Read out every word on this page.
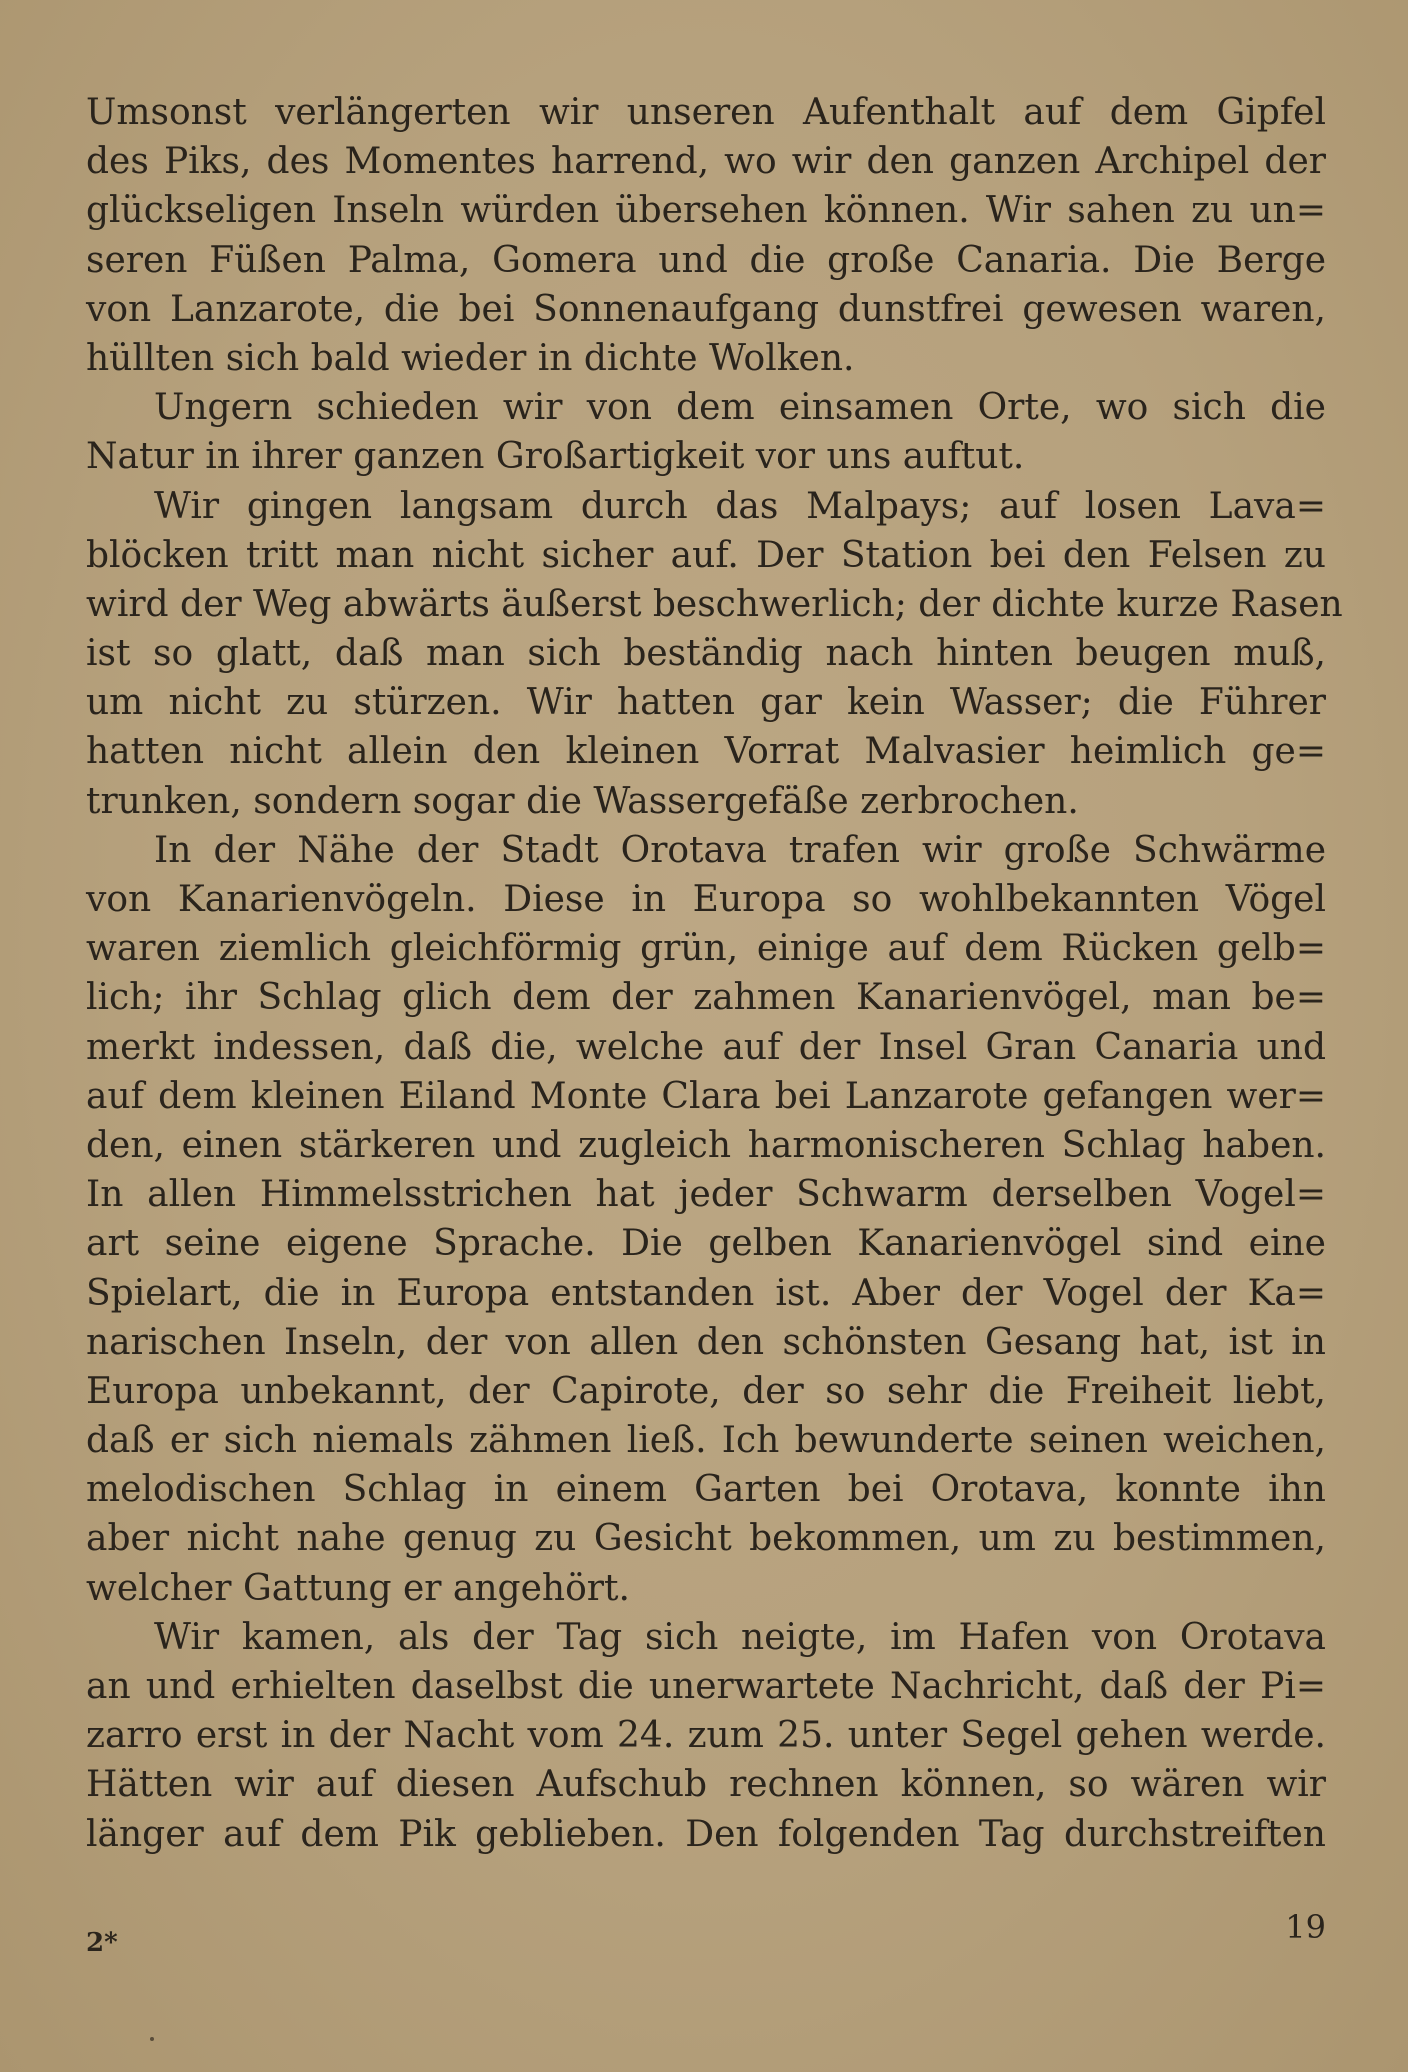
Umsonst verlängerten wir unseren Aufenthalt auf dem Gipfel
des Piks, des Momentes harrend, wo wir den ganzen Archipel der
glückseligen Inseln würden übersehen können. Wir sahen zu un=
seren Füßen Palma, Gomera und die große Canaria. Die Berge
von Lanzarote, die bei Sonnenaufgang dunstfrei gewesen waren,
hüllten sich bald wieder in dichte Wolken.
Ungern schieden wir von dem einsamen Orte, wo sich die
Natur in ihrer ganzen Großartigkeit vor uns auftut.
Wir gingen langsam durch das Malpays; auf losen Lava=
blöcken tritt man nicht sicher auf. Der Station bei den Felsen zu
wird der Weg abwärts äußerst beschwerlich; der dichte kurze Rasen
ist so glatt, daß man sich beständig nach hinten beugen muß,
um nicht zu stürzen. Wir hatten gar kein Wasser; die Führer
hatten nicht allein den kleinen Vorrat Malvasier heimlich ge=
trunken, sondern sogar die Wassergefäße zerbrochen.
In der Nähe der Stadt Orotava trafen wir große Schwärme
von Kanarienvögeln. Diese in Europa so wohlbekannten Vögel
waren ziemlich gleichförmig grün, einige auf dem Rücken gelb=
lich; ihr Schlag glich dem der zahmen Kanarienvögel, man be=
merkt indessen, daß die, welche auf der Insel Gran Canaria und
auf dem kleinen Eiland Monte Clara bei Lanzarote gefangen wer=
den, einen stärkeren und zugleich harmonischeren Schlag haben.
In allen Himmelsstrichen hat jeder Schwarm derselben Vogel=
art seine eigene Sprache. Die gelben Kanarienvögel sind eine
Spielart, die in Europa entstanden ist. Aber der Vogel der Ka=
narischen Inseln, der von allen den schönsten Gesang hat, ist in
Europa unbekannt, der Capirote, der so sehr die Freiheit liebt,
daß er sich niemals zähmen ließ. Ich bewunderte seinen weichen,
melodischen Schlag in einem Garten bei Orotava, konnte ihn
aber nicht nahe genug zu Gesicht bekommen, um zu bestimmen,
welcher Gattung er angehört.
Wir kamen, als der Tag sich neigte, im Hafen von Orotava
an und erhielten daselbst die unerwartete Nachricht, daß der Pi=
zarro erst in der Nacht vom 24. zum 25. unter Segel gehen werde.
Hätten wir auf diesen Aufschub rechnen können, so wären wir
länger auf dem Pik geblieben. Den folgenden Tag durchstreiften
2*	19
